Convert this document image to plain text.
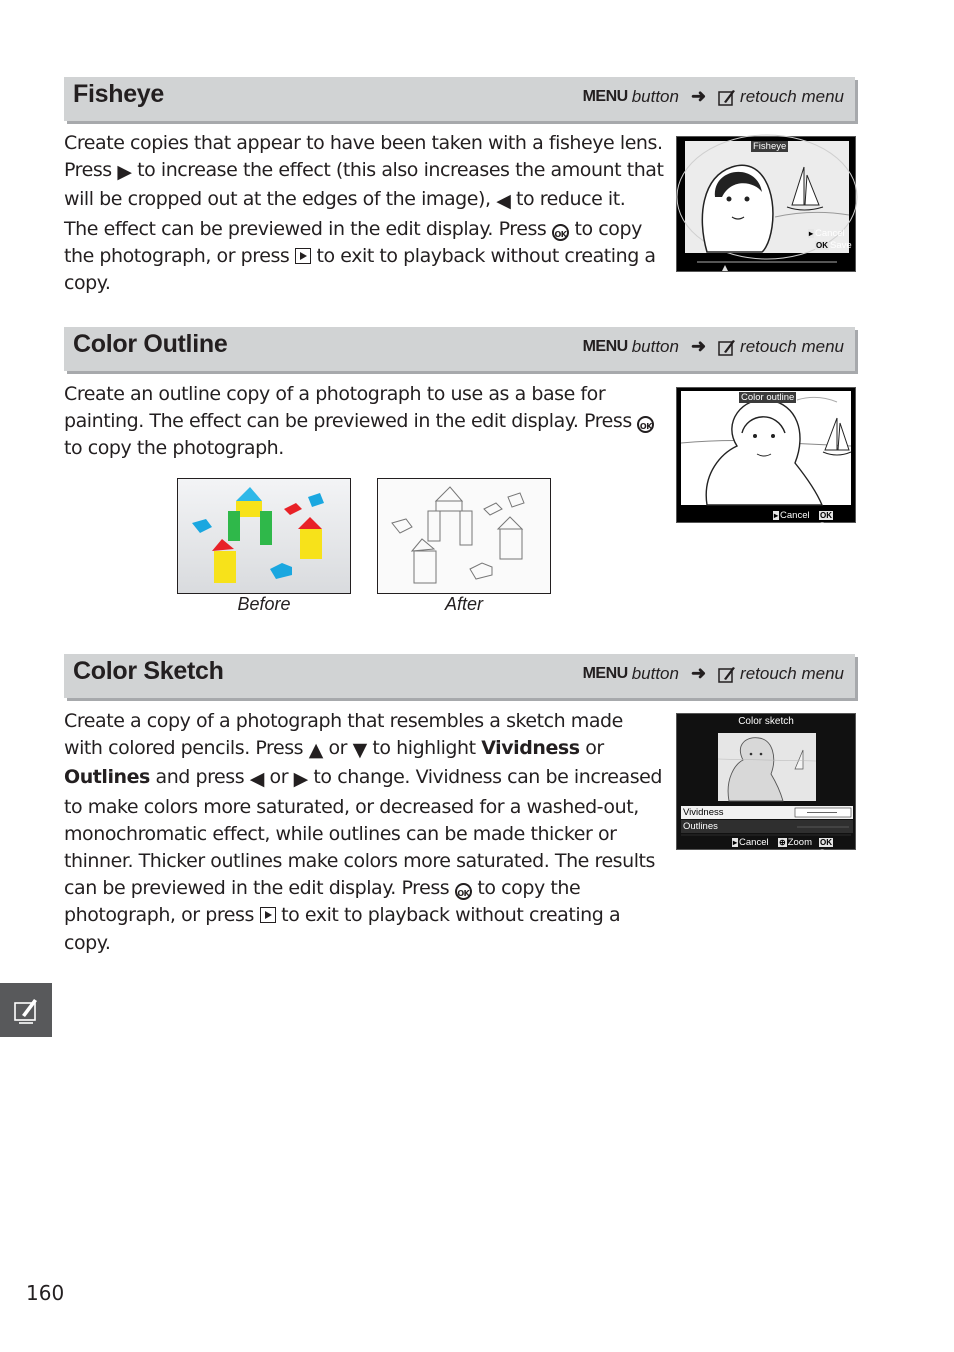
Fisheye	MENU button ➜ retouch menu
Create copies that appear to have been taken with a fisheye lens. Press ▶ to increase the effect (this also increases the amount that will be cropped out at the edges of the image), ◀ to reduce it. The effect can be previewed in the edit display. Press OK to copy the photograph, or press  to exit to playback without creating a copy.
Fisheye
▸ Cancel
OK Save
Color Outline	MENU button ➜ retouch menu
Create an outline copy of a photograph to use as a base for painting. The effect can be previewed in the edit display. Press OK to copy the photograph.
Color outline
▸ Cancel OKSave
Before	After
Color Sketch	MENU button ➜ retouch menu
Create a copy of a photograph that resembles a sketch made with colored pencils. Press ▲ or ▼ to highlight Vividness or Outlines and press ◀ or ▶ to change. Vividness can be increased to make colors more saturated, or decreased for a washed-out, monochromatic effect, while outlines can be made thicker or thinner. Thicker outlines make colors more saturated. The results can be previewed in the edit display. Press OK to copy the photograph, or press  to exit to playback without creating a copy.
Color sketch
Vividness
Outlines
▸ Cancel ⊕ Zoom OKSave
160
